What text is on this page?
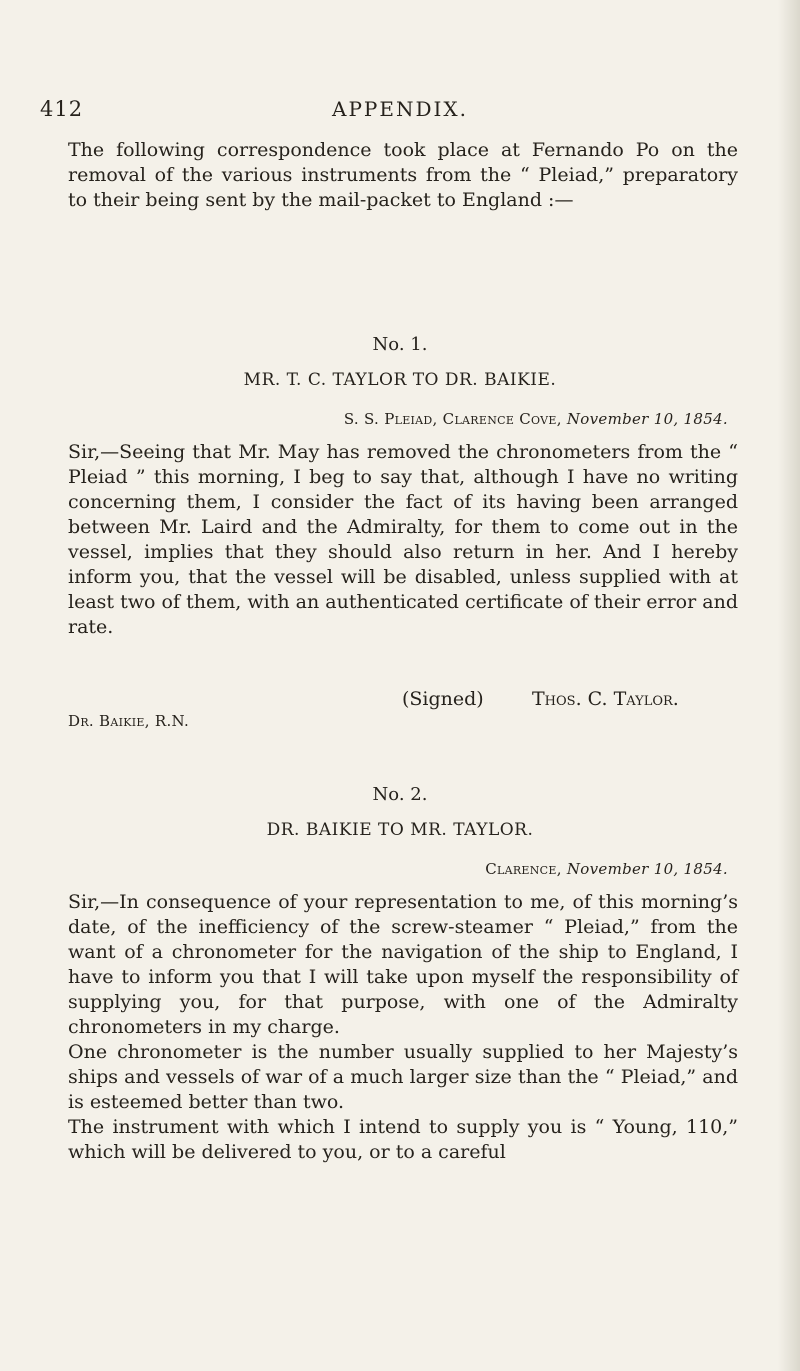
412	APPENDIX.

The following correspondence took place at Fernando Po on the removal of the various instruments from the “ Pleiad,” preparatory to their being sent by the mail-packet to England :—

No. 1.
MR. T. C. TAYLOR TO DR. BAIKIE.
S. S. Pleiad, Clarence Cove, November 10, 1854.

Sir,—Seeing that Mr. May has removed the chronometers from the “ Pleiad ” this morning, I beg to say that, although I have no writing concerning them, I consider the fact of its having been arranged between Mr. Laird and the Admiralty, for them to come out in the vessel, implies that they should also return in her. And I hereby inform you, that the vessel will be disabled, unless supplied with at least two of them, with an authenticated certificate of their error and rate.

(Signed)	Thos. C. Taylor.
Dr. Baikie, R.N.
No. 2.
DR. BAIKIE TO MR. TAYLOR.
Clarence, November 10, 1854.

Sir,—In consequence of your representation to me, of this morning’s date, of the inefficiency of the screw-steamer “ Pleiad,” from the want of a chronometer for the navigation of the ship to England, I have to inform you that I will take upon myself the responsibility of supplying you, for that purpose, with one of the Admiralty chronometers in my charge.

One chronometer is the number usually supplied to her Majesty’s ships and vessels of war of a much larger size than the “ Pleiad,” and is esteemed better than two.

The instrument with which I intend to supply you is “ Young, 110,” which will be delivered to you, or to a careful
